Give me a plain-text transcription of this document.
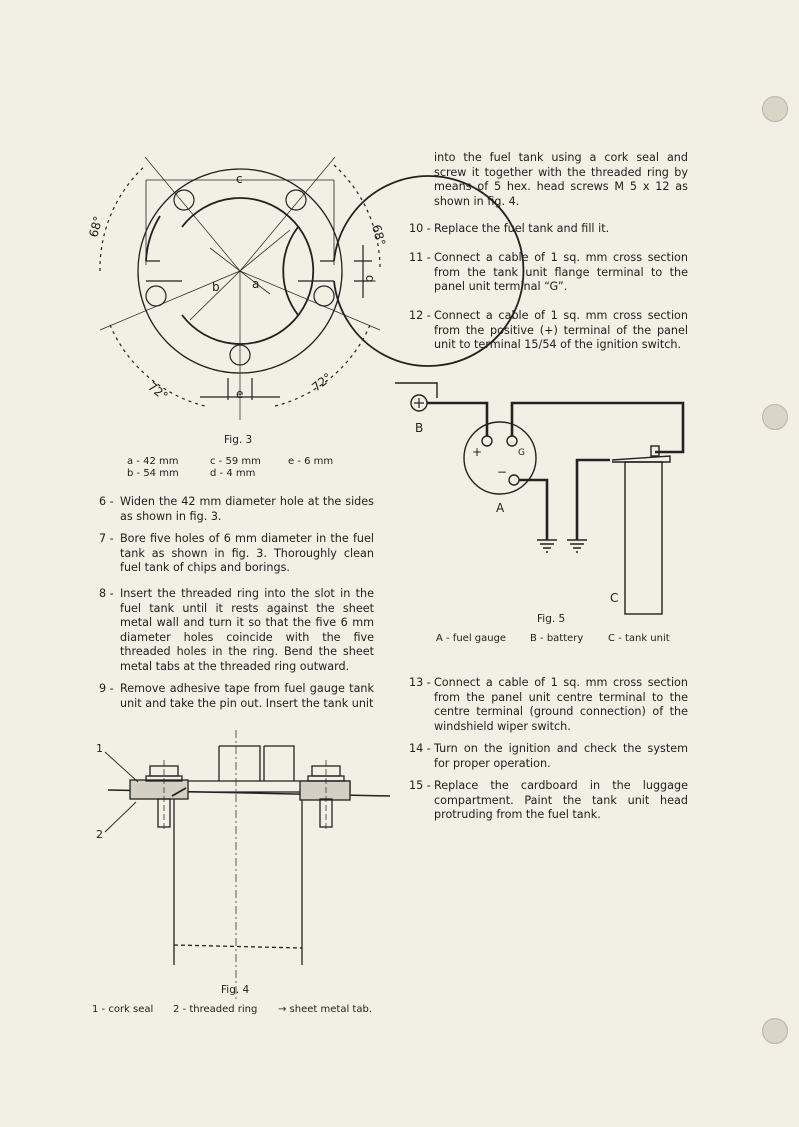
c
a
b
d
e
68°	68°
72°	72°
Fig. 3
a - 42 mm
b - 54 mm
c - 59 mm
d - 4 mm
e - 6 mm
6 - Widen the 42 mm diameter hole at the sides as shown in fig. 3.
7 - Bore five holes of 6 mm diameter in the fuel tank as shown in fig. 3. Thoroughly clean fuel tank of chips and borings.
8 - Insert the threaded ring into the slot in the fuel tank until it rests against the sheet metal wall and turn it so that the five 6 mm diameter holes coincide with the five threaded holes in the ring. Bend the sheet metal tabs at the threaded ring outward.
9 - Remove adhesive tape from fuel gauge tank unit and take the pin out. Insert the tank unit
1
2
Fig. 4
1 - cork seal 2 - threaded ring → sheet metal tab.
into the fuel tank using a cork seal and screw it together with the threaded ring by means of 5 hex. head screws M 5 x 12 as shown in fig. 4.
10 - Replace the fuel tank and fill it.
11 - Connect a cable of 1 sq. mm cross section from the tank unit flange terminal to the panel unit terminal “G”.
12 - Connect a cable of 1 sq. mm cross section from the positive (+) terminal of the panel unit to terminal 15/54 of the ignition switch.
+	G
−
B
A
C
Fig. 5
A - fuel gauge B - battery C - tank unit
13 - Connect a cable of 1 sq. mm cross section from the panel unit centre terminal to the centre terminal (ground connection) of the windshield wiper switch.
14 - Turn on the ignition and check the system for proper operation.
15 - Replace the cardboard in the luggage compartment. Paint the tank unit head protruding from the fuel tank.
